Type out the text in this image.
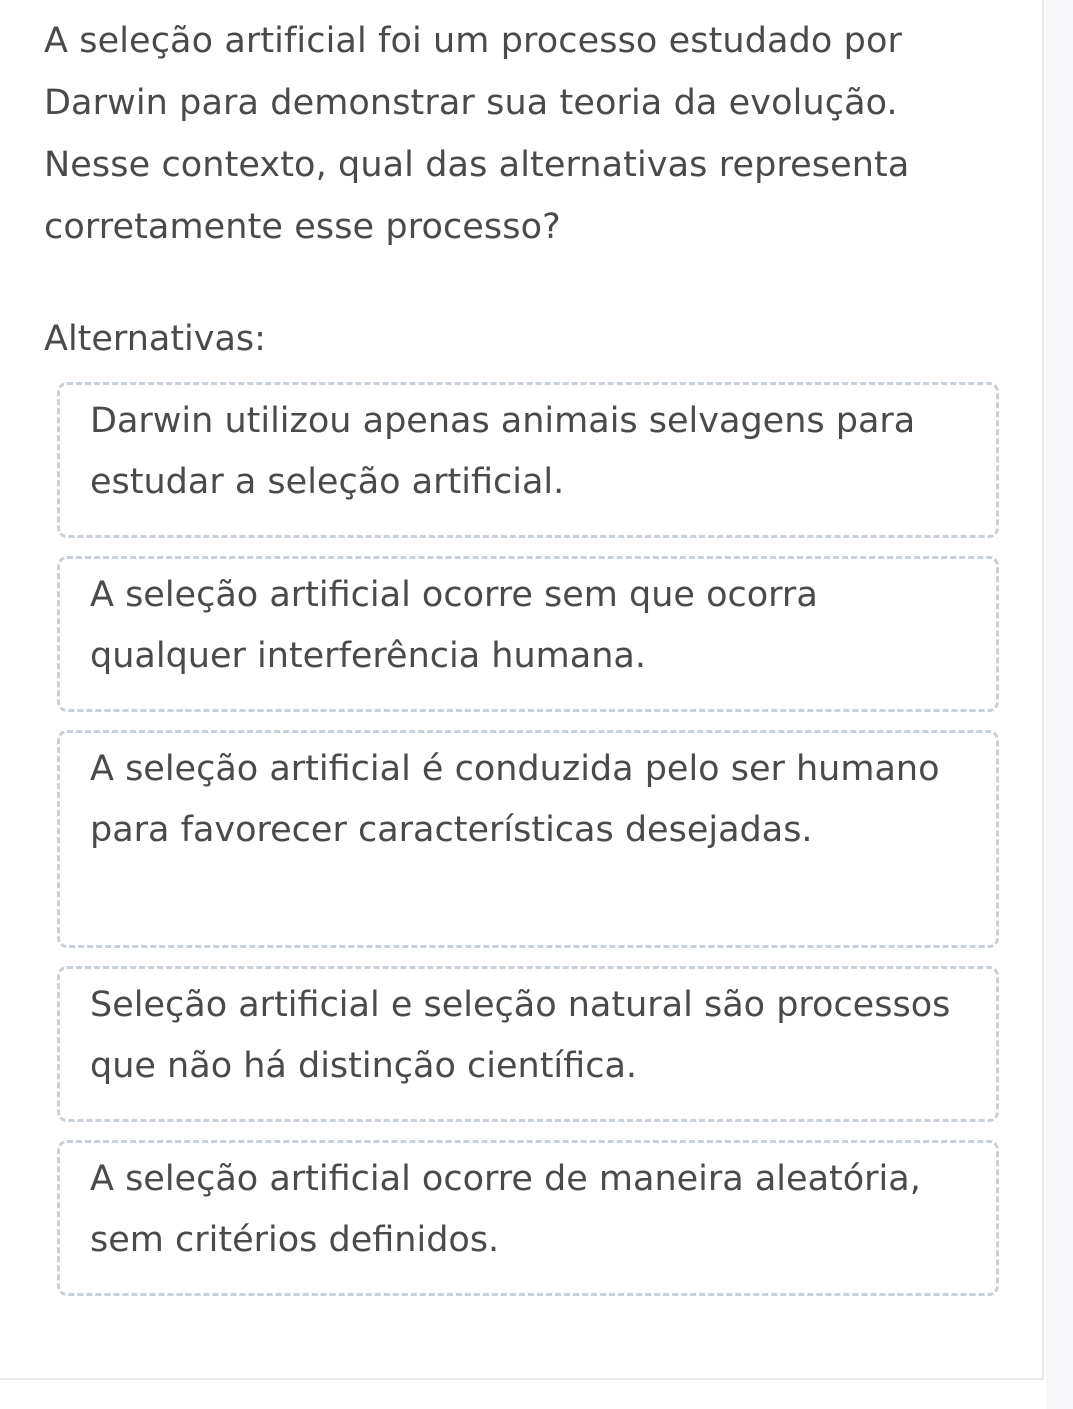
A seleção artificial foi um processo estudado por Darwin para demonstrar sua teoria da evolução. Nesse contexto, qual das alternativas representa corretamente esse processo?

Alternativas:
Darwin utilizou apenas animais selvagens para estudar a seleção artificial.
A seleção artificial ocorre sem que ocorra qualquer interferência humana.
A seleção artificial é conduzida pelo ser humano para favorecer características desejadas.
Seleção artificial e seleção natural são processos que não há distinção científica.
A seleção artificial ocorre de maneira aleatória, sem critérios definidos.
